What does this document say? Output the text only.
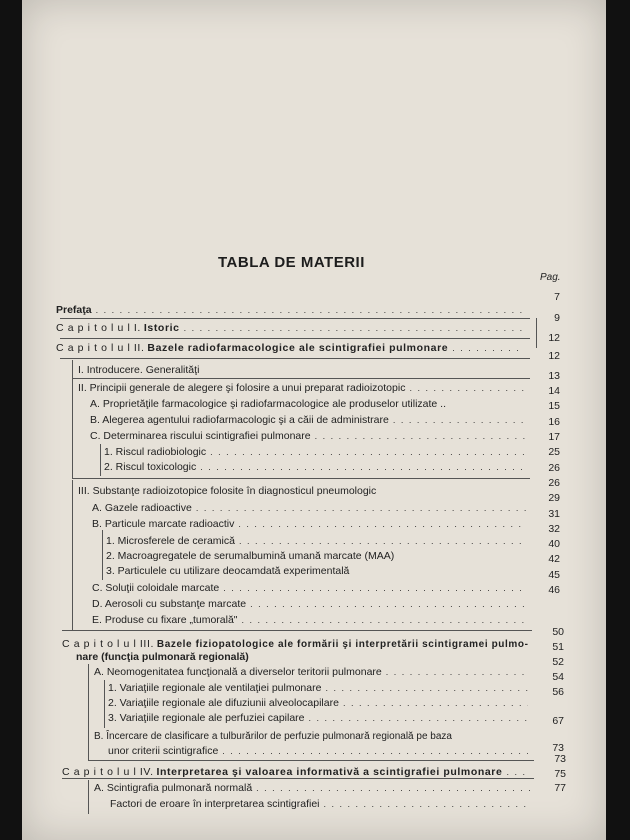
TABLA DE MATERII
Pag.
Prefaţa
. . .
C a p i t o l u l I.
Istoric
. . .
C a p i t o l u l II.
Bazele radiofarmacologice ale scintigrafiei pulmonare
. . .
I. Introducere. Generalităţi
II. Principii generale de alegere şi folosire a unui preparat radioizotopic
. . .
A. Proprietăţile farmacologice şi radiofarmacologice ale produselor utilizate ..
B. Alegerea agentului radiofarmacologic şi a căii de administrare
. . .
C. Determinarea riscului scintigrafiei pulmonare
. . .
1. Riscul radiobiologic
. . .
2. Riscul toxicologic
. . .
III. Substanţe radioizotopice folosite în diagnosticul pneumologic
A. Gazele radioactive
. . .
B. Particule marcate radioactiv
. . .
1. Microsferele de ceramică
. . .
2. Macroagregatele de serumalbumină umană marcate (MAA)
3. Particulele cu utilizare deocamdată experimentală
C. Soluţii coloidale marcate
. . .
D. Aerosoli cu substanţe marcate
. . .
E. Produse cu fixare „tumorală"
. . .
C a p i t o l u l III.
Bazele fiziopatologice ale formării şi interpretării scintigramei pulmo-
nare (funcţia pulmonară regională)
A. Neomogenitatea funcţională a diverselor teritorii pulmonare
. . .
1. Variaţiile regionale ale ventilaţiei pulmonare
. . .
2. Variaţiile regionale ale difuziunii alveolocapilare
. . .
3. Variaţiile regionale ale perfuziei capilare
. . .
B. Încercare de clasificare a tulburărilor de perfuzie pulmonară regională pe baza
unor criterii scintigrafice
. . .
C a p i t o l u l IV.
Interpretarea şi valoarea informativă a scintigrafiei pulmonare
. . .
A. Scintigrafia pulmonară normală
. . .
Factori de eroare în interpretarea scintigrafiei
. . .
7
9
12
12
13
14
15
16
17
25
26
26
29
31
32
40
42
45
46
50
51
52
54
56
67
73
73
75
77
